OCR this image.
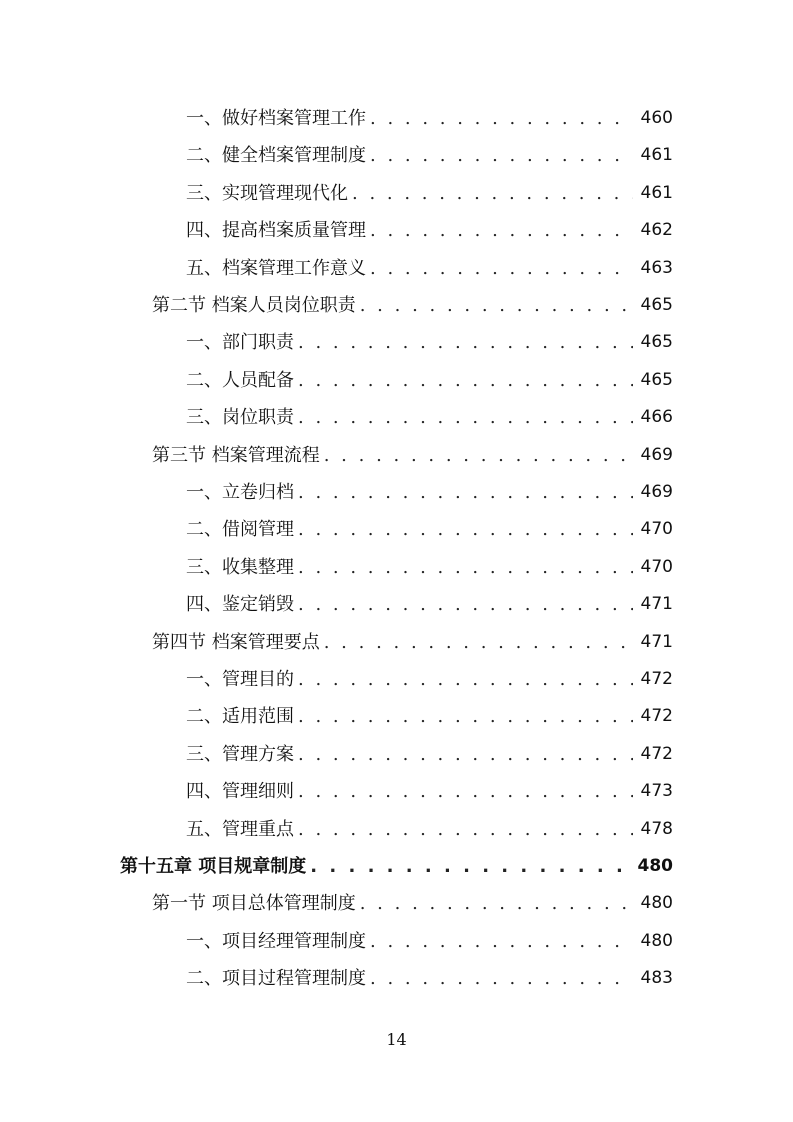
一、做好档案管理工作 . . .	460
二、健全档案管理制度 . . .	461
三、实现管理现代化 . . .	461
四、提高档案质量管理 . . .	462
五、档案管理工作意义 . . .	463
第二节 档案人员岗位职责 . . .	465
一、部门职责 . . .	465
二、人员配备 . . .	465
三、岗位职责 . . .	466
第三节 档案管理流程 . . .	469
一、立卷归档 . . .	469
二、借阅管理 . . .	470
三、收集整理 . . .	470
四、鉴定销毁 . . .	471
第四节 档案管理要点 . . .	471
一、管理目的 . . .	472
二、适用范围 . . .	472
三、管理方案 . . .	472
四、管理细则 . . .	473
五、管理重点 . . .	478
第十五章 项目规章制度 . . .	480
第一节 项目总体管理制度 . . .	480
一、项目经理管理制度 . . .	480
二、项目过程管理制度 . . .	483
14
